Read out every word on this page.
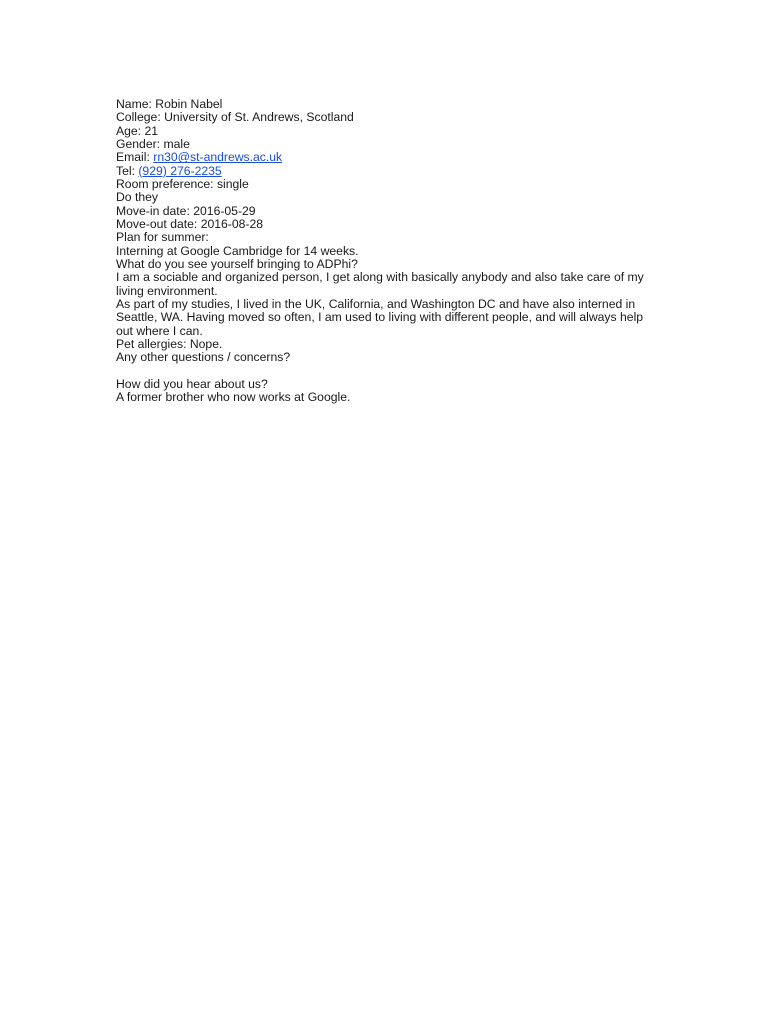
Name: Robin Nabel
College: University of St. Andrews, Scotland
Age: 21
Gender: male
Email: rn30@st-andrews.ac.uk
Tel: (929) 276-2235
Room preference: single
Do they
Move-in date: 2016-05-29
Move-out date: 2016-08-28
Plan for summer:
Interning at Google Cambridge for 14 weeks.
What do you see yourself bringing to ADPhi?
I am a sociable and organized person, I get along with basically anybody and also take care of my living environment.
As part of my studies, I lived in the UK, California, and Washington DC and have also interned in Seattle, WA. Having moved so often, I am used to living with different people, and will always help out where I can.
Pet allergies: Nope.
Any other questions / concerns?
How did you hear about us?
A former brother who now works at Google.
